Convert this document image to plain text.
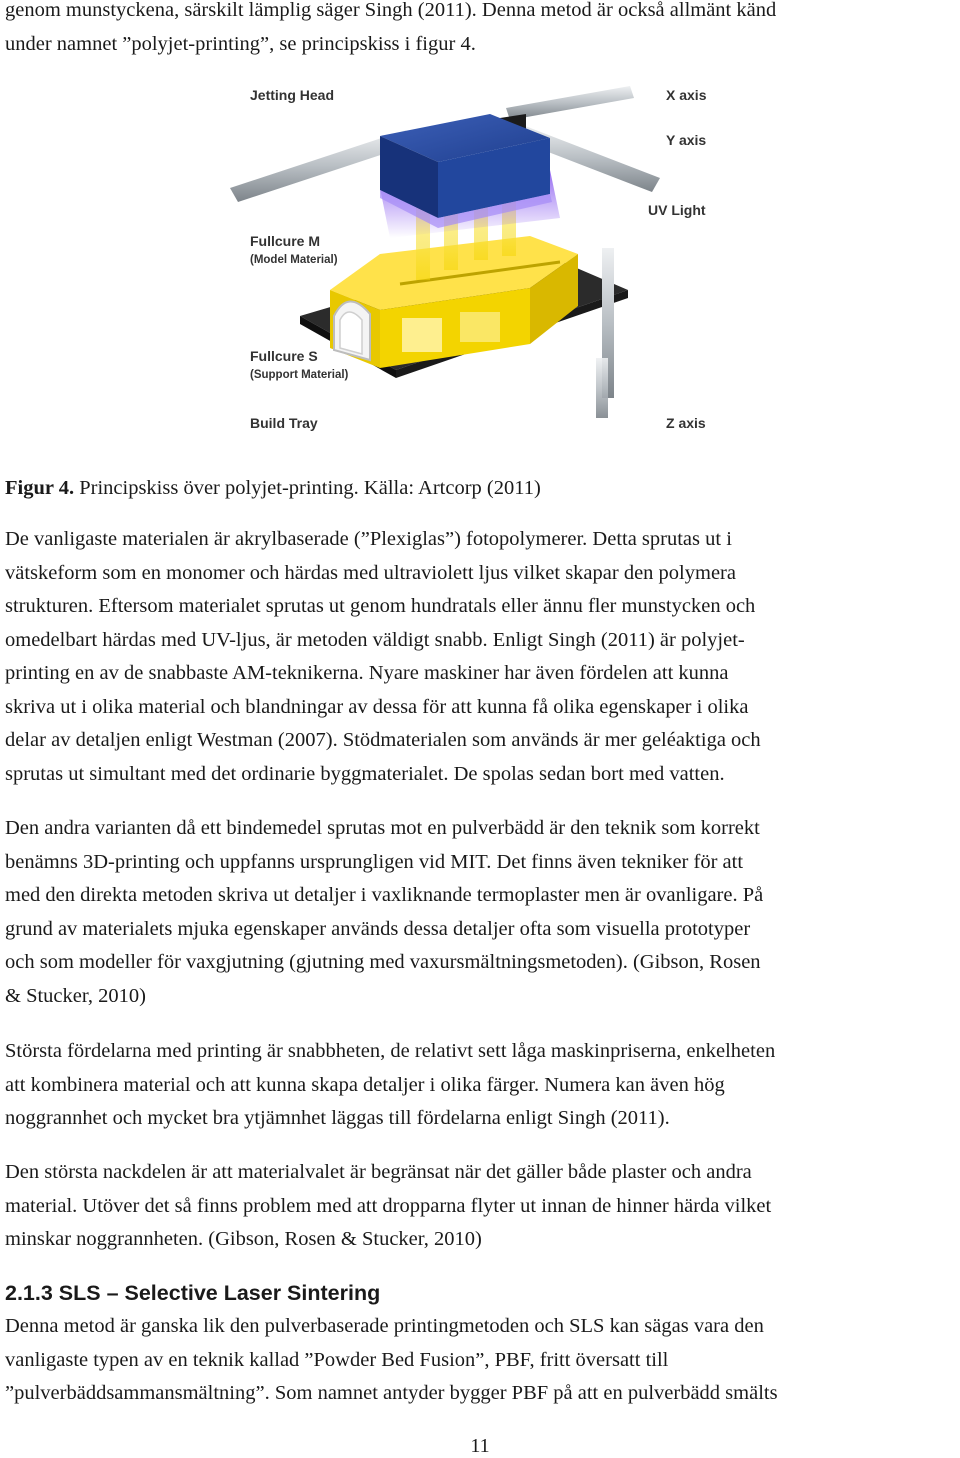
genom munstyckena, särskilt lämplig säger Singh (2011). Denna metod är också allmänt känd
under namnet ”polyjet-printing”, se principskiss i figur 4.

Jetting Head	X axis
Y axis
UV Light
Fullcure M
(Model Material)
Fullcure S
(Support Material)
Build Tray	Z axis
Figur 4. Principskiss över polyjet-printing. Källa: Artcorp (2011)

De vanligaste materialen är akrylbaserade (”Plexiglas”) fotopolymerer. Detta sprutas ut i
vätskeform som en monomer och härdas med ultraviolett ljus vilket skapar den polymera
strukturen. Eftersom materialet sprutas ut genom hundratals eller ännu fler munstycken och
omedelbart härdas med UV-ljus, är metoden väldigt snabb. Enligt Singh (2011) är polyjet-
printing en av de snabbaste AM-teknikerna. Nyare maskiner har även fördelen att kunna
skriva ut i olika material och blandningar av dessa för att kunna få olika egenskaper i olika
delar av detaljen enligt Westman (2007). Stödmaterialen som används är mer geléaktiga och
sprutas ut simultant med det ordinarie byggmaterialet. De spolas sedan bort med vatten.

Den andra varianten då ett bindemedel sprutas mot en pulverbädd är den teknik som korrekt
benämns 3D-printing och uppfanns ursprungligen vid MIT. Det finns även tekniker för att
med den direkta metoden skriva ut detaljer i vaxliknande termoplaster men är ovanligare. På
grund av materialets mjuka egenskaper används dessa detaljer ofta som visuella prototyper
och som modeller för vaxgjutning (gjutning med vaxursmältningsmetoden). (Gibson, Rosen
& Stucker, 2010)

Största fördelarna med printing är snabbheten, de relativt sett låga maskinpriserna, enkelheten
att kombinera material och att kunna skapa detaljer i olika färger. Numera kan även hög
noggrannhet och mycket bra ytjämnhet läggas till fördelarna enligt Singh (2011).

Den största nackdelen är att materialvalet är begränsat när det gäller både plaster och andra
material. Utöver det så finns problem med att dropparna flyter ut innan de hinner härda vilket
minskar noggrannheten. (Gibson, Rosen & Stucker, 2010)

2.1.3 SLS – Selective Laser Sintering

Denna metod är ganska lik den pulverbaserade printingmetoden och SLS kan sägas vara den
vanligaste typen av en teknik kallad ”Powder Bed Fusion”, PBF, fritt översatt till
”pulverbäddsammansmältning”. Som namnet antyder bygger PBF på att en pulverbädd smälts

11
